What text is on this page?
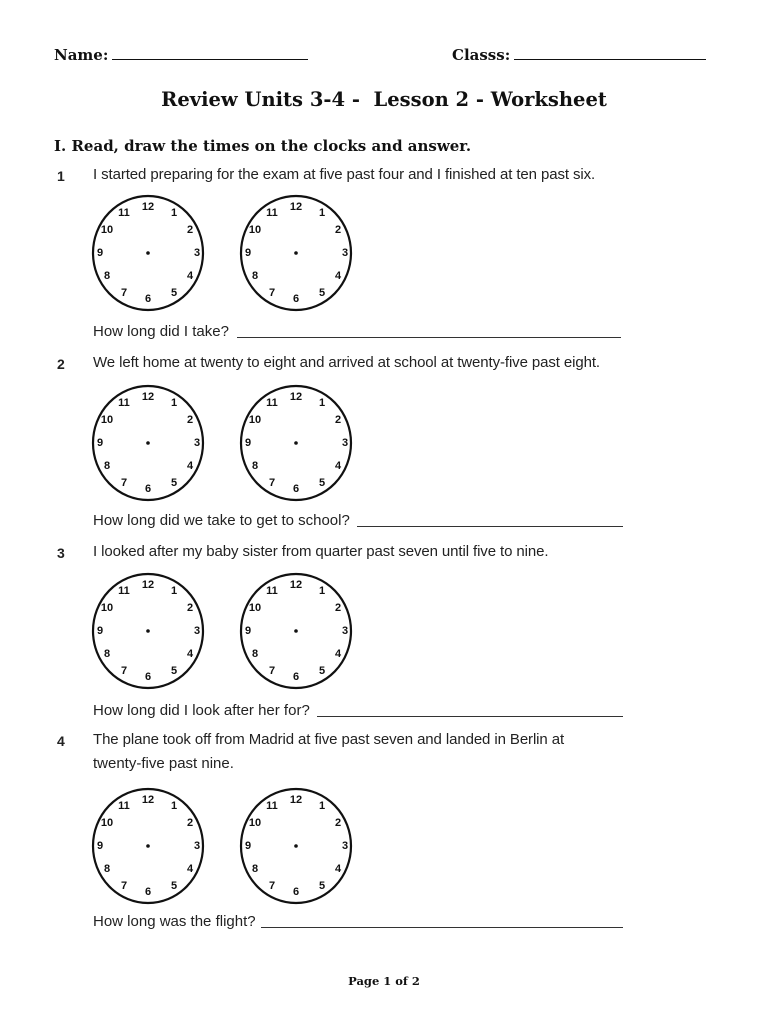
Name:	Classs:
Review Units 3-4 -  Lesson 2 - Worksheet
I. Read, draw the times on the clocks and answer.
1 I started preparing for the exam at five past four and I finished at ten past six.
12 1
2
3
4
5
6
7
8
9
10
11	12 1
2
3
4
5
6
7
8
9
10
11
How long did I take?
2 We left home at twenty to eight and arrived at school at twenty-five past eight.
12 1
2
3
4
5
6
7
8
9
10
11	12 1
2
3
4
5
6
7
8
9
10
11
How long did we take to get to school?
3 I looked after my baby sister from quarter past seven until five to nine.
12 1
2
3
4
5
6
7
8
9
10
11	12 1
2
3
4
5
6
7
8
9
10
11
How long did I look after her for?
4 The plane took off from Madrid at five past seven and landed in Berlin at
twenty-five past nine.
12 1
2
3
4
5
6
7
8
9
10
11	12 1
2
3
4
5
6
7
8
9
10
11
How long was the flight?
Page 1 of 2
